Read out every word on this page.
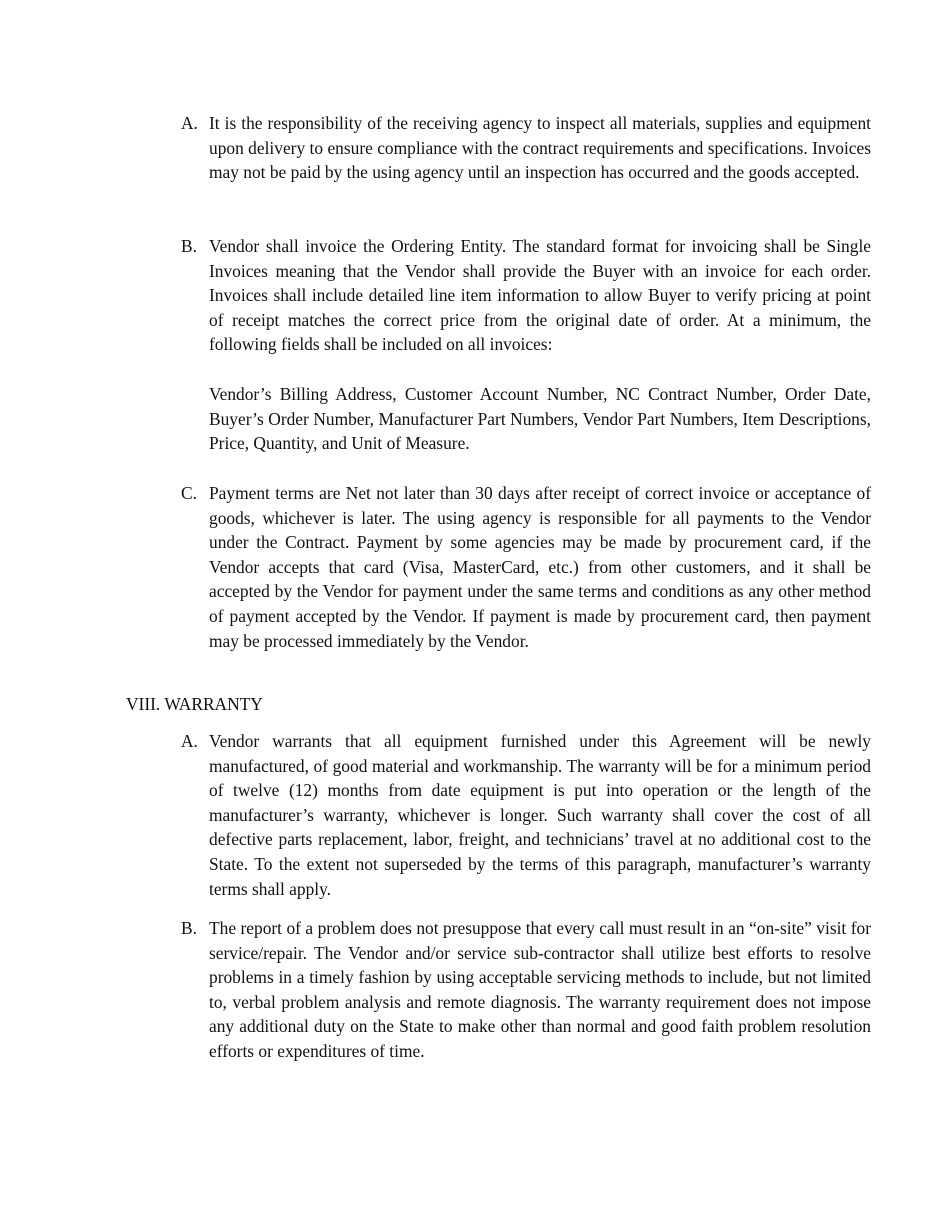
A. It is the responsibility of the receiving agency to inspect all materials, supplies and equipment upon delivery to ensure compliance with the contract requirements and specifications. Invoices may not be paid by the using agency until an inspection has occurred and the goods accepted.
B. Vendor shall invoice the Ordering Entity. The standard format for invoicing shall be Single Invoices meaning that the Vendor shall provide the Buyer with an invoice for each order. Invoices shall include detailed line item information to allow Buyer to verify pricing at point of receipt matches the correct price from the original date of order. At a minimum, the following fields shall be included on all invoices:
Vendor’s Billing Address, Customer Account Number, NC Contract Number, Order Date, Buyer’s Order Number, Manufacturer Part Numbers, Vendor Part Numbers, Item Descriptions, Price, Quantity, and Unit of Measure.
C. Payment terms are Net not later than 30 days after receipt of correct invoice or acceptance of goods, whichever is later. The using agency is responsible for all payments to the Vendor under the Contract. Payment by some agencies may be made by procurement card, if the Vendor accepts that card (Visa, MasterCard, etc.) from other customers, and it shall be accepted by the Vendor for payment under the same terms and conditions as any other method of payment accepted by the Vendor. If payment is made by procurement card, then payment may be processed immediately by the Vendor.
VIII. WARRANTY
A. Vendor warrants that all equipment furnished under this Agreement will be newly manufactured, of good material and workmanship. The warranty will be for a minimum period of twelve (12) months from date equipment is put into operation or the length of the manufacturer’s warranty, whichever is longer. Such warranty shall cover the cost of all defective parts replacement, labor, freight, and technicians’ travel at no additional cost to the State. To the extent not superseded by the terms of this paragraph, manufacturer’s warranty terms shall apply.
B. The report of a problem does not presuppose that every call must result in an “on-site” visit for service/repair. The Vendor and/or service sub-contractor shall utilize best efforts to resolve problems in a timely fashion by using acceptable servicing methods to include, but not limited to, verbal problem analysis and remote diagnosis. The warranty requirement does not impose any additional duty on the State to make other than normal and good faith problem resolution efforts or expenditures of time.
